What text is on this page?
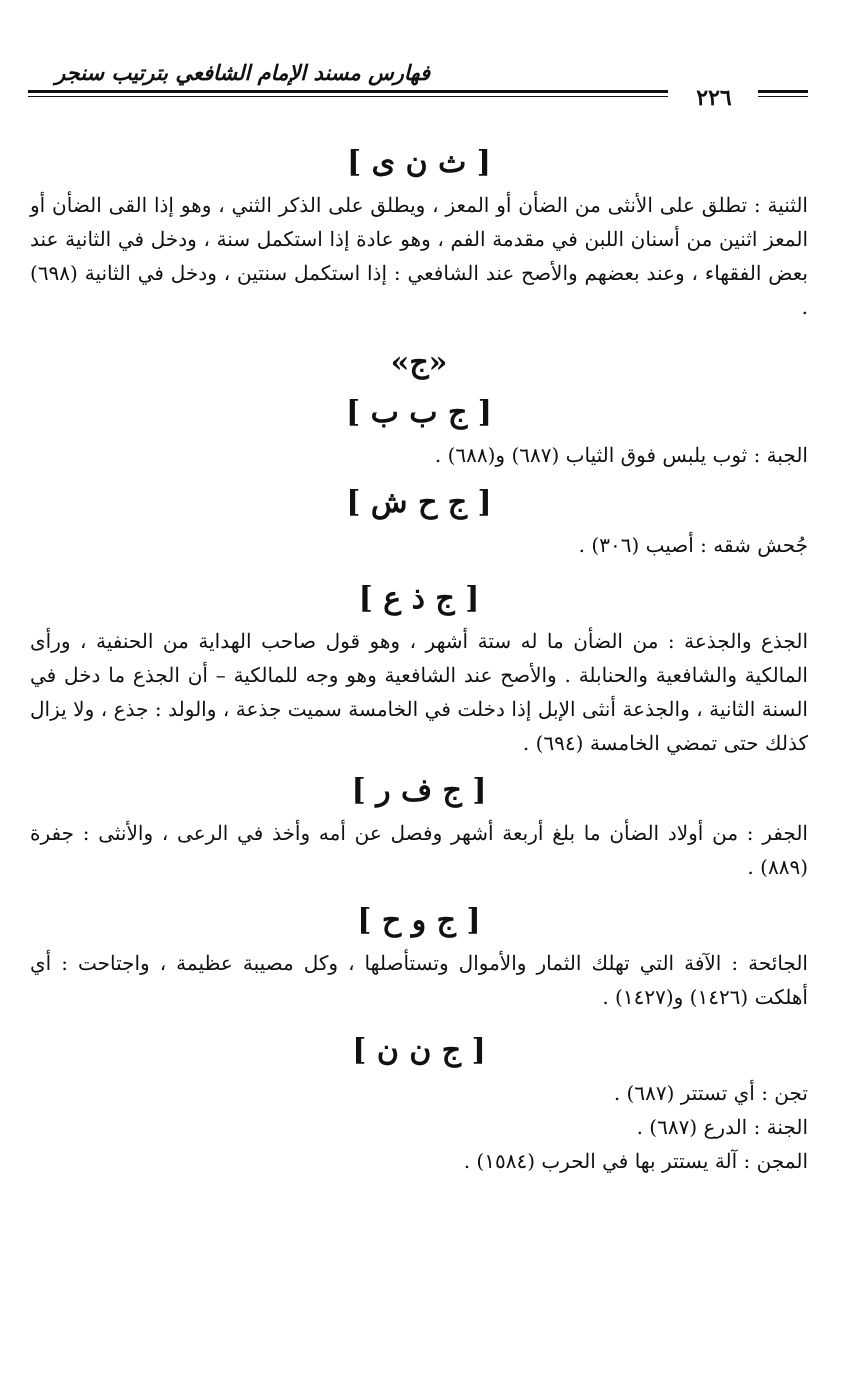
فهارس مسند الإمام الشافعي بترتيب سنجر
٢٢٦
[ ث ن ى ]

الثنية : تطلق على الأنثى من الضأن أو المعز ، ويطلق على الذكر الثني ، وهو إذا القى الضأن أو المعز اثنين من أسنان اللبن في مقدمة الفم ، وهو عادة إذا استكمل سنة ، ودخل في الثانية عند بعض الفقهاء ، وعند بعضهم والأصح عند الشافعي : إذا استكمل سنتين ، ودخل في الثانية (٦٩٨) .

«ج»
[ ج ب ب ]

الجبة : ثوب يلبس فوق الثياب (٦٨٧) و(٦٨٨) .

[ ج ح ش ]

جُحش شقه : أصيب (٣٠٦) .

[ ج ذ ع ]

الجذع والجذعة : من الضأن ما له ستة أشهر ، وهو قول صاحب الهداية من الحنفية ، ورأى المالكية والشافعية والحنابلة . والأصح عند الشافعية وهو وجه للمالكية – أن الجذع ما دخل في السنة الثانية ، والجذعة أنثى الإبل إذا دخلت في الخامسة سميت جذعة ، والولد : جذع ، ولا يزال كذلك حتى تمضي الخامسة (٦٩٤) .

[ ج ف ر ]

الجفر : من أولاد الضأن ما بلغ أربعة أشهر وفصل عن أمه وأخذ في الرعى ، والأنثى : جفرة (٨٨٩) .

[ ج و ح ]

الجائحة : الآفة التي تهلك الثمار والأموال وتستأصلها ، وكل مصيبة عظيمة ، واجتاحت : أي أهلكت (١٤٢٦) و(١٤٢٧) .

[ ج ن ن ]

تجن : أي تستتر (٦٨٧) .

الجنة : الدرع (٦٨٧) .

المجن : آلة يستتر بها في الحرب (١٥٨٤) .
